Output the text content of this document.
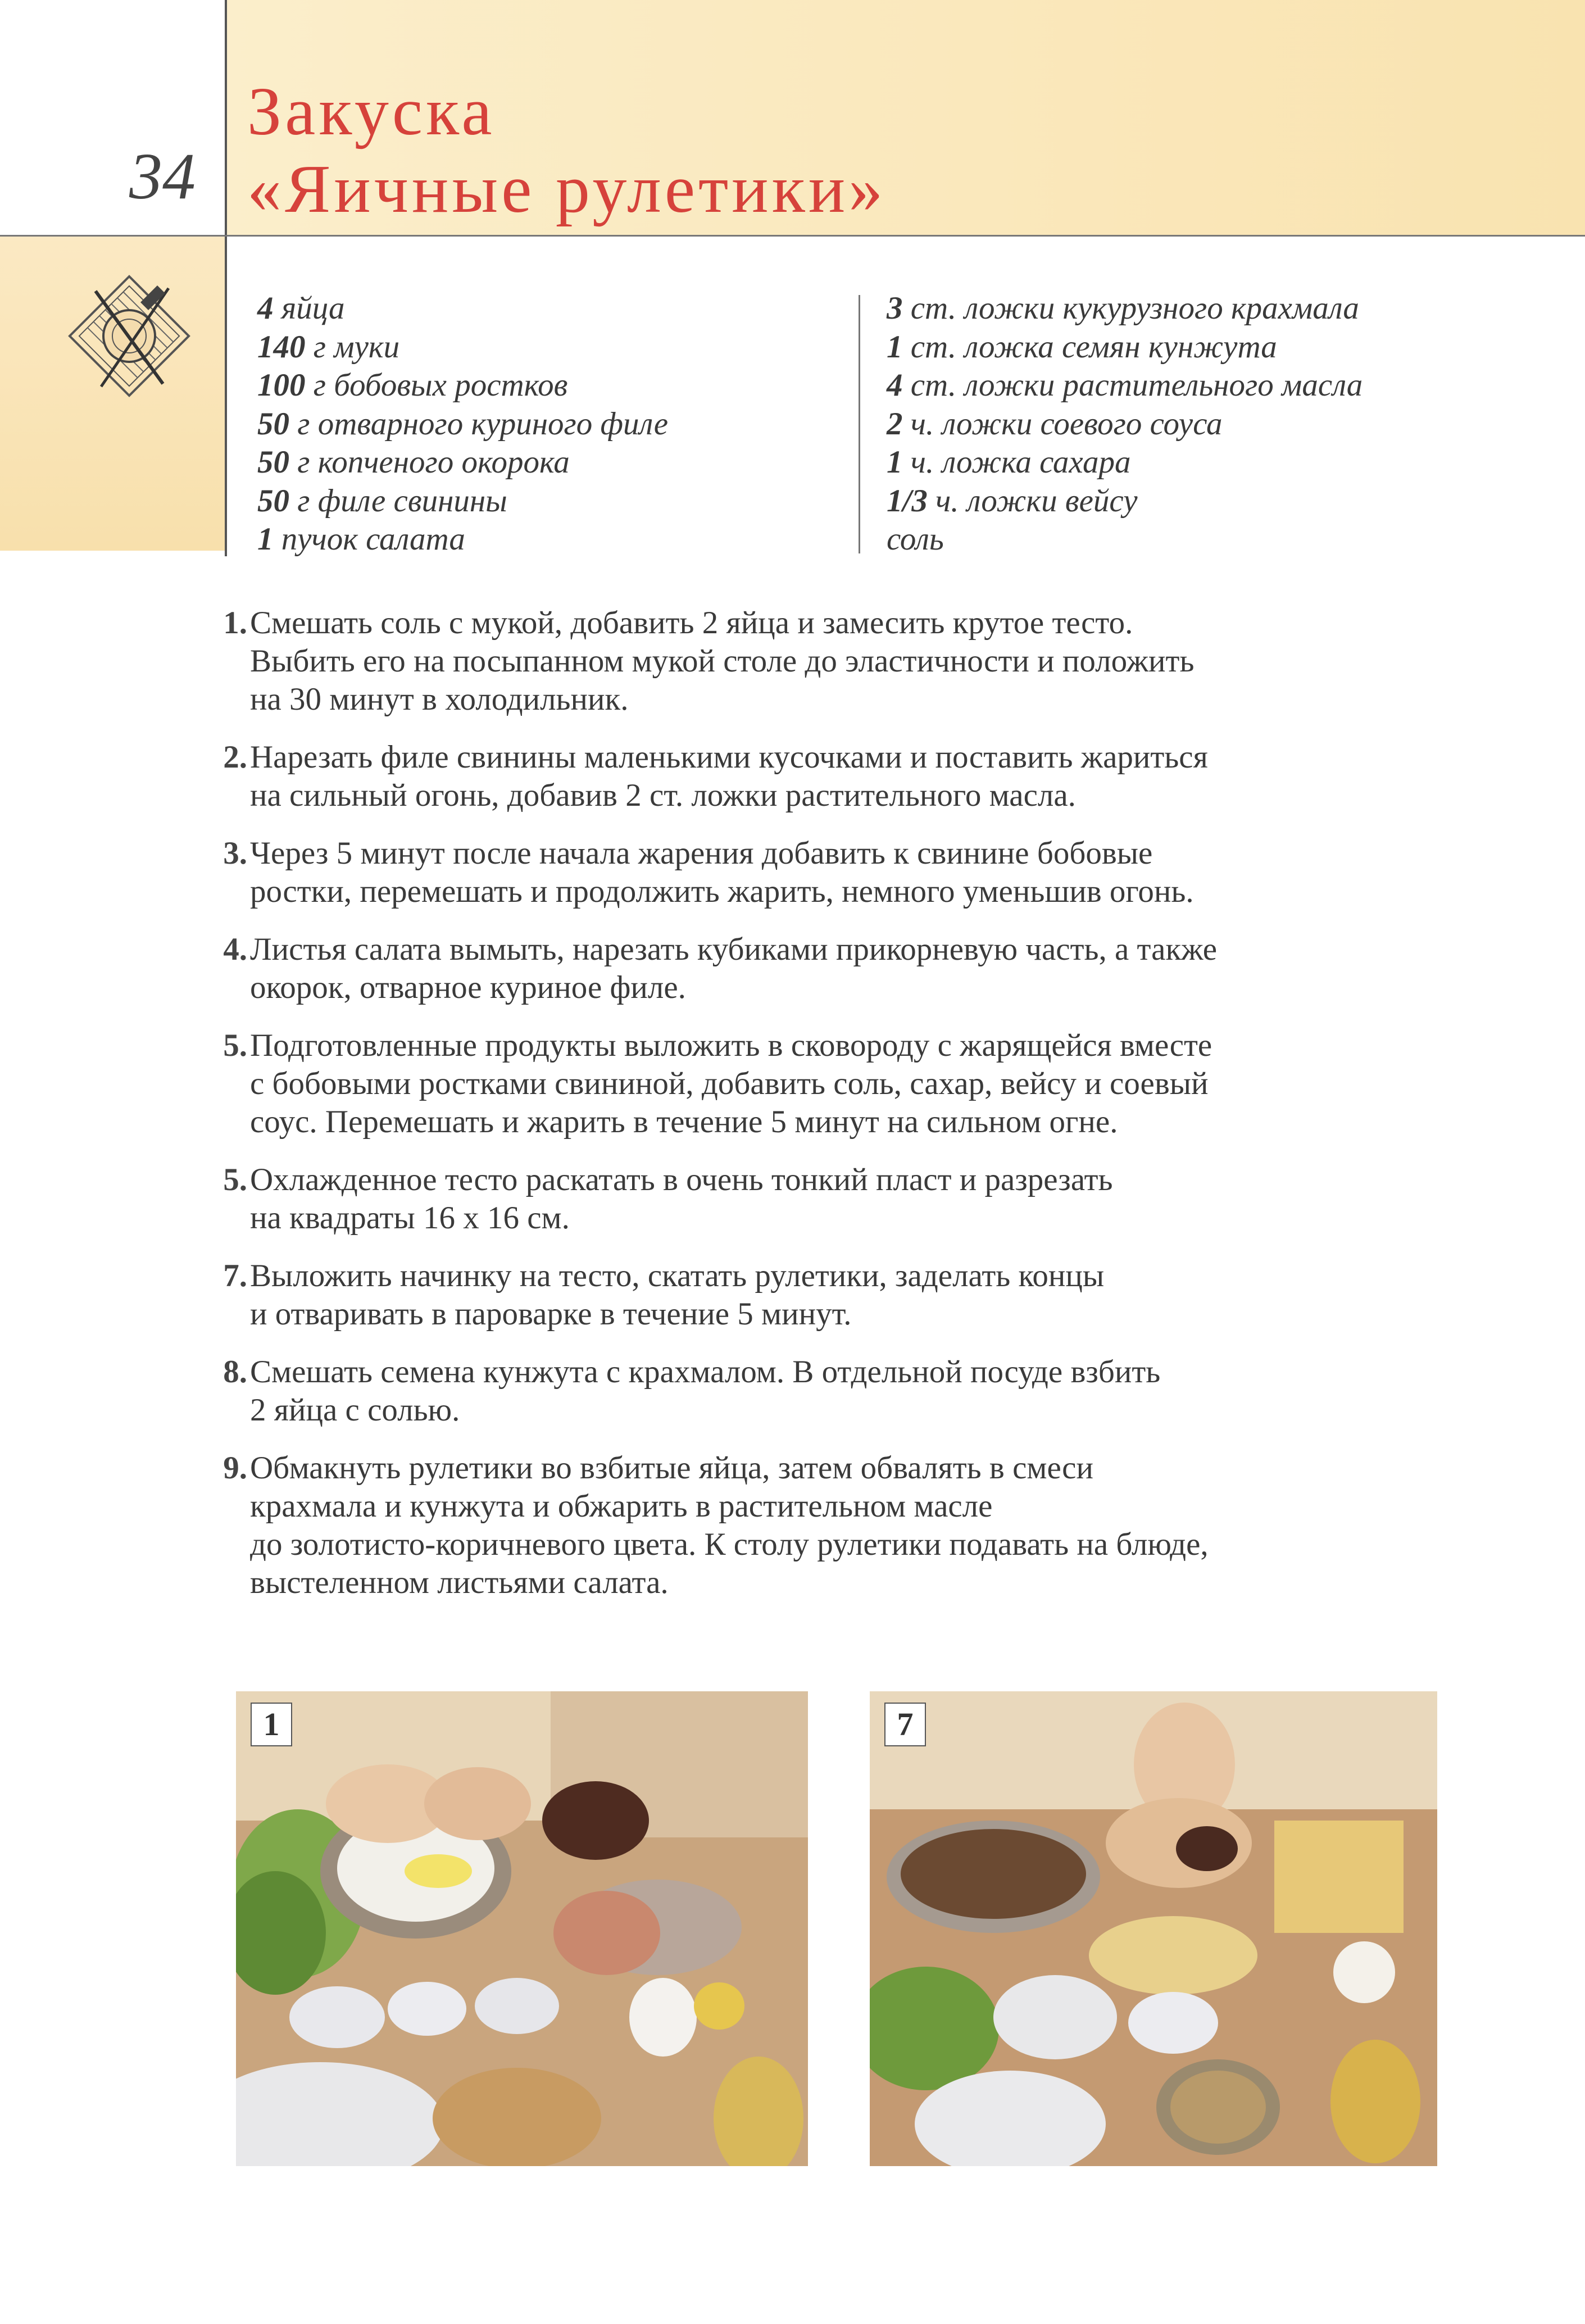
34
Закуска
«Яичные рулетики»
4 яйца
140 г муки
100 г бобовых ростков
50 г отварного куриного филе
50 г копченого окорока
50 г филе свинины
1 пучок салата
3 ст. ложки кукурузного крахмала
1 ст. ложка семян кунжута
4 ст. ложки растительного масла
2 ч. ложки соевого соуса
1 ч. ложка сахара
1/3 ч. ложки вейсу
соль
1. Смешать соль с мукой, добавить 2 яйца и замесить крутое тесто.
Выбить его на посыпанном мукой столе до эластичности и положить
на 30 минут в холодильник.
2. Нарезать филе свинины маленькими кусочками и поставить жариться
на сильный огонь, добавив 2 ст. ложки растительного масла.
3. Через 5 минут после начала жарения добавить к свинине бобовые
ростки, перемешать и продолжить жарить, немного уменьшив огонь.
4. Листья салата вымыть, нарезать кубиками прикорневую часть, а также
окорок, отварное куриное филе.
5. Подготовленные продукты выложить в сковороду с жарящейся вместе
с бобовыми ростками свининой, добавить соль, сахар, вейсу и соевый
соус. Перемешать и жарить в течение 5 минут на сильном огне.
5. Охлажденное тесто раскатать в очень тонкий пласт и разрезать
на квадраты 16 х 16 см.
7. Выложить начинку на тесто, скатать рулетики, заделать концы
и отваривать в пароварке в течение 5 минут.
8. Смешать семена кунжута с крахмалом. В отдельной посуде взбить
2 яйца с солью.
9. Обмакнуть рулетики во взбитые яйца, затем обвалять в смеси
крахмала и кунжута и обжарить в растительном масле
до золотисто-коричневого цвета. К столу рулетики подавать на блюде,
выстеленном листьями салата.
1	7
